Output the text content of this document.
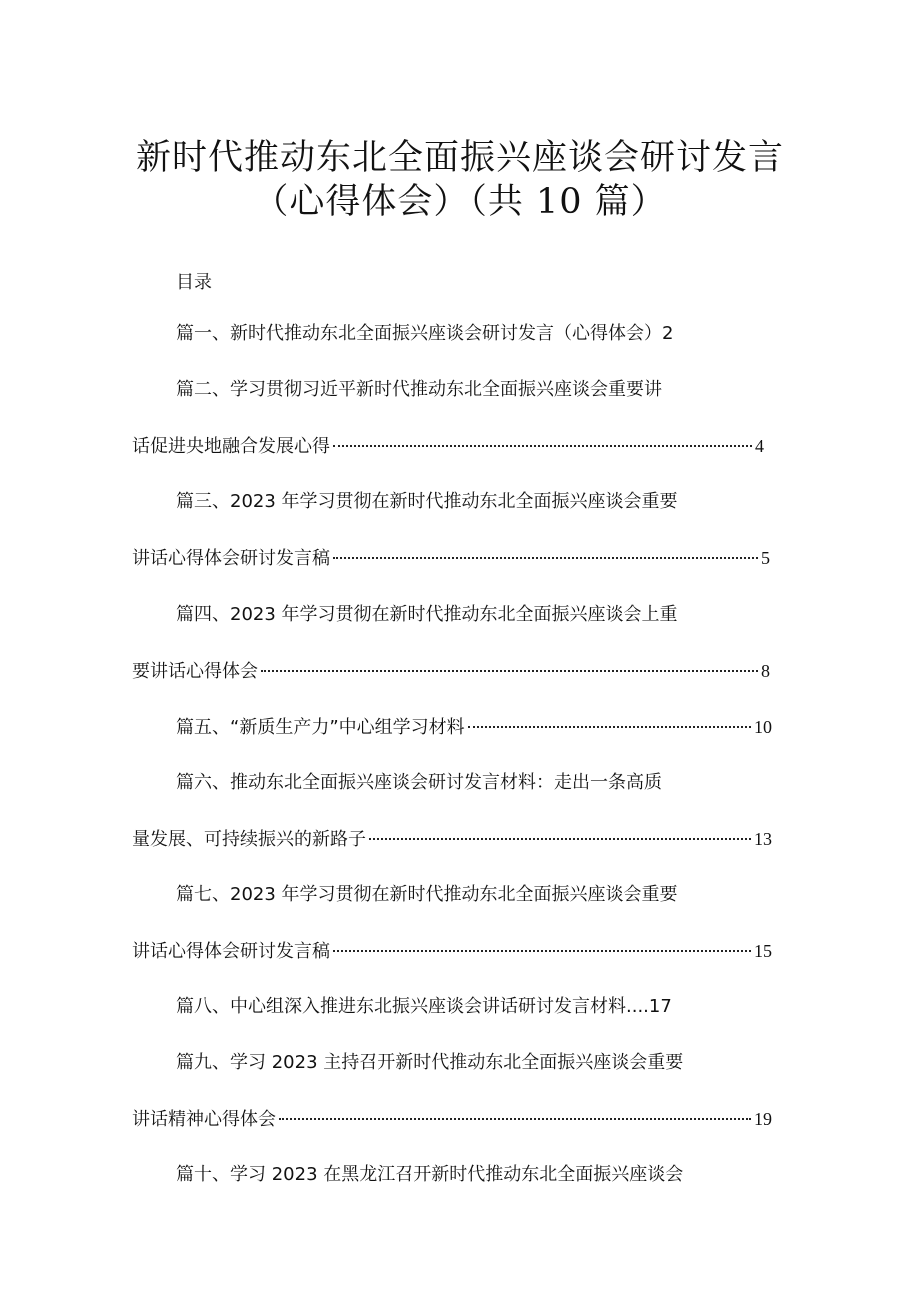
新时代推动东北全面振兴座谈会研讨发言
（心得体会）（共 10 篇）
目录
篇一、新时代推动东北全面振兴座谈会研讨发言（心得体会）2
篇二、学习贯彻习近平新时代推动东北全面振兴座谈会重要讲
话促进央地融合发展心得	4
篇三、2023 年学习贯彻在新时代推动东北全面振兴座谈会重要
讲话心得体会研讨发言稿	5
篇四、2023 年学习贯彻在新时代推动东北全面振兴座谈会上重
要讲话心得体会	8
篇五、“新质生产力”中心组学习材料	10
篇六、推动东北全面振兴座谈会研讨发言材料：走出一条高质
量发展、可持续振兴的新路子	13
篇七、2023 年学习贯彻在新时代推动东北全面振兴座谈会重要
讲话心得体会研讨发言稿	15
篇八、中心组深入推进东北振兴座谈会讲话研讨发言材料....17
篇九、学习 2023 主持召开新时代推动东北全面振兴座谈会重要
讲话精神心得体会	19
篇十、学习 2023 在黑龙江召开新时代推动东北全面振兴座谈会
